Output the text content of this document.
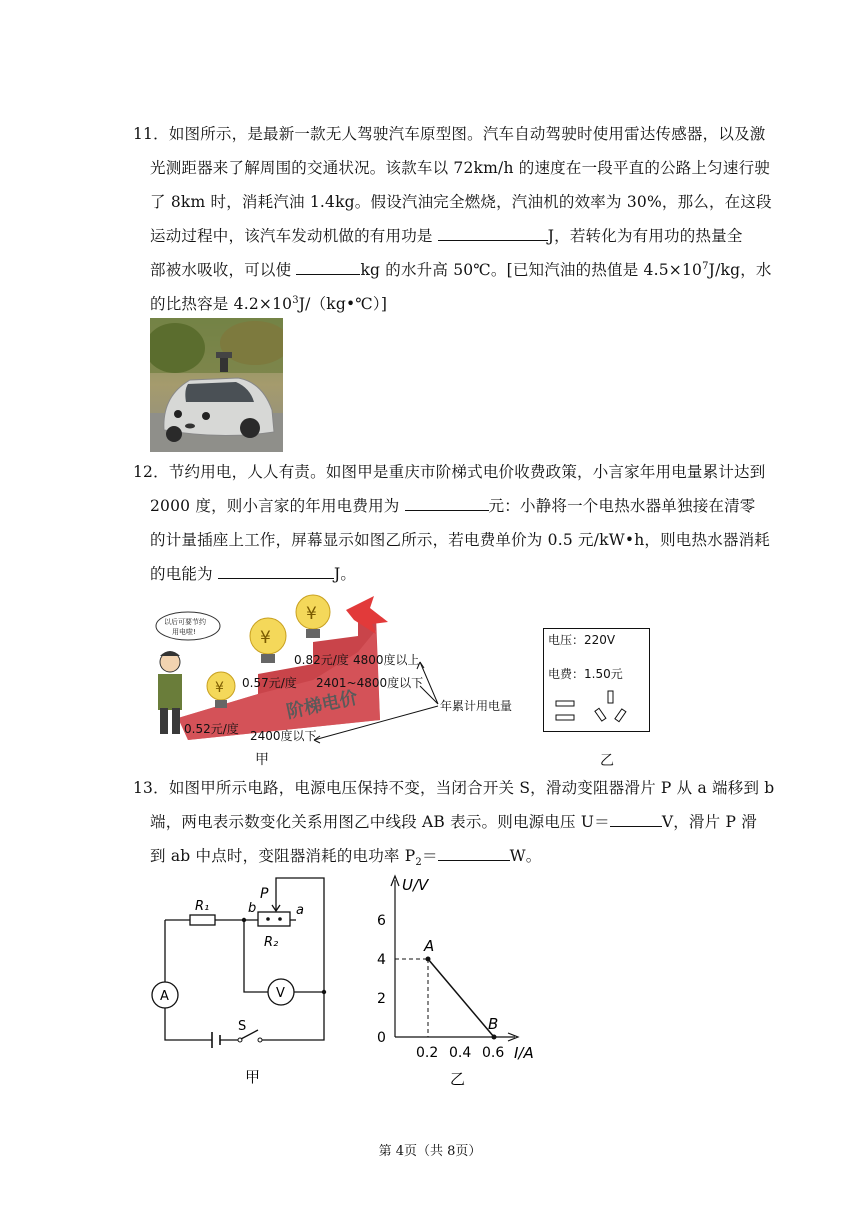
11．如图所示，是最新一款无人驾驶汽车原型图。汽车自动驾驶时使用雷达传感器，以及激
光测距器来了解周围的交通状况。该款车以 72km/h 的速度在一段平直的公路上匀速行驶
了 8km 时，消耗汽油 1.4kg。假设汽油完全燃烧，汽油机的效率为 30%，那么，在这段
运动过程中，该汽车发动机做的有用功是	J，若转化为有用功的热量全
部被水吸收，可以使	kg 的水升高 50℃。[已知汽油的热值是 $4.5\times 10^7J/kg$，水
的比热容是 $4.2\times 10^3J/(kg•℃)$]
12．节约用电，人人有责。如图甲是重庆市阶梯式电价收费政策，小言家年用电量累计达到
2000 度，则小言家的年用电费用为	元：小静将一个电热水器单独接在清零
的计量插座上工作，屏幕显示如图乙所示，若电费单价为 0.5 元/kW•h，则电热水器消耗
的电能为	J。
阶梯电价
¥
¥
¥
以后可要节约
用电啦!
0.52元/度
0.57元/度
0.82元/度 4800度以上
2401~4800度以下
2400度以下
年累计用电量
甲
电压：220V
电费：1.50元
乙
13．如图甲所示电路，电源电压保持不变，当闭合开关 S，滑动变阻器滑片 P 从 a 端移到 b
端，两电表示数变化关系用图乙中线段 AB 表示。则电源电压 U＝	V，滑片 P 滑
到 ab 中点时，变阻器消耗的电功率 $P_2=$	W。
R₁
P
b	a
R₂
A	V
S
甲
U/V
I/A
0
2
4
6
0.2 0.4 0.6
A
B
乙
第 4页（共 8页）
